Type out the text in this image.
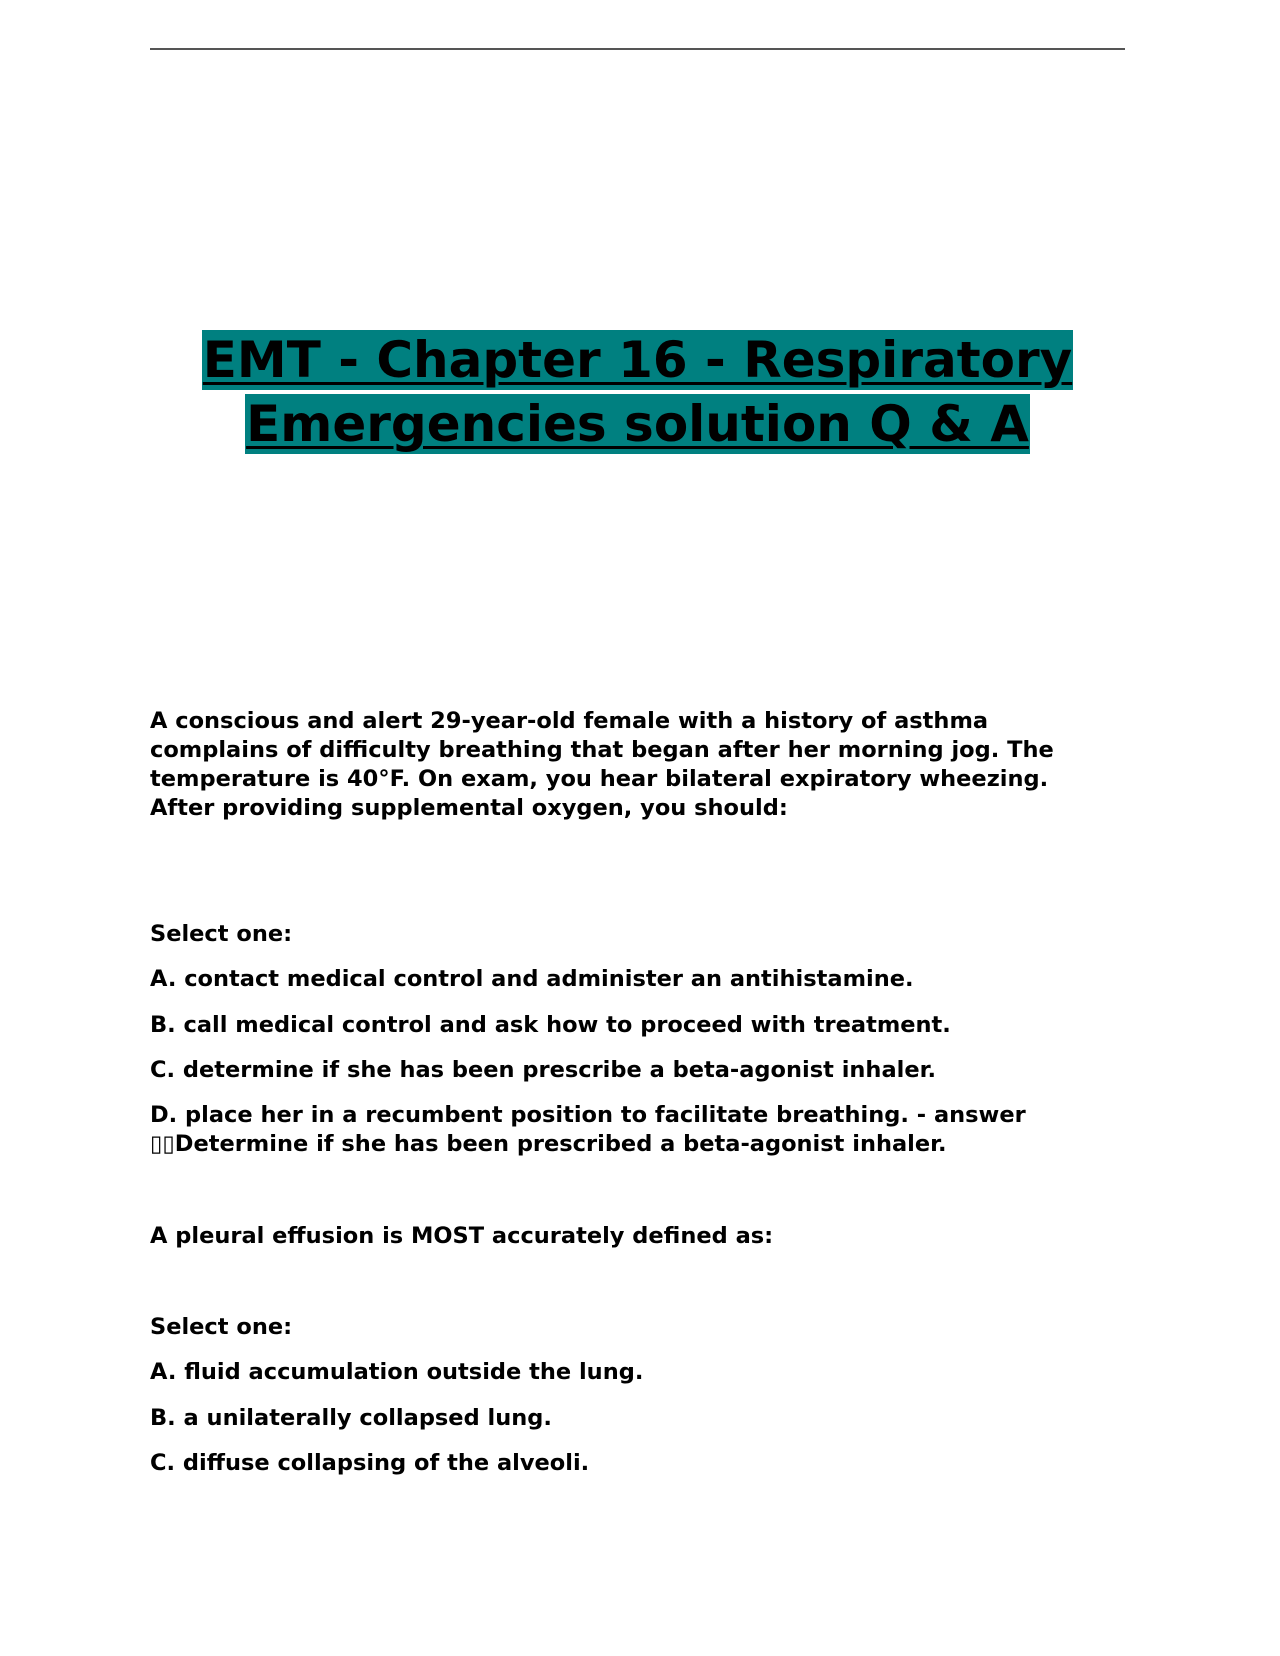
EMT - Chapter 16 - Respiratory
Emergencies solution Q & A

A conscious and alert 29-year-old female with a history of asthma
complains of difficulty breathing that began after her morning jog. The
temperature is 40°F. On exam, you hear bilateral expiratory wheezing.
After providing supplemental oxygen, you should:

Select one:

A. contact medical control and administer an antihistamine.

B. call medical control and ask how to proceed with treatment.

C. determine if she has been prescribe a beta-agonist inhaler.

D. place her in a recumbent position to facilitate breathing. - answer
▯▯Determine if she has been prescribed a beta-agonist inhaler.

A pleural effusion is MOST accurately defined as:

Select one:

A. fluid accumulation outside the lung.

B. a unilaterally collapsed lung.

C. diffuse collapsing of the alveoli.
